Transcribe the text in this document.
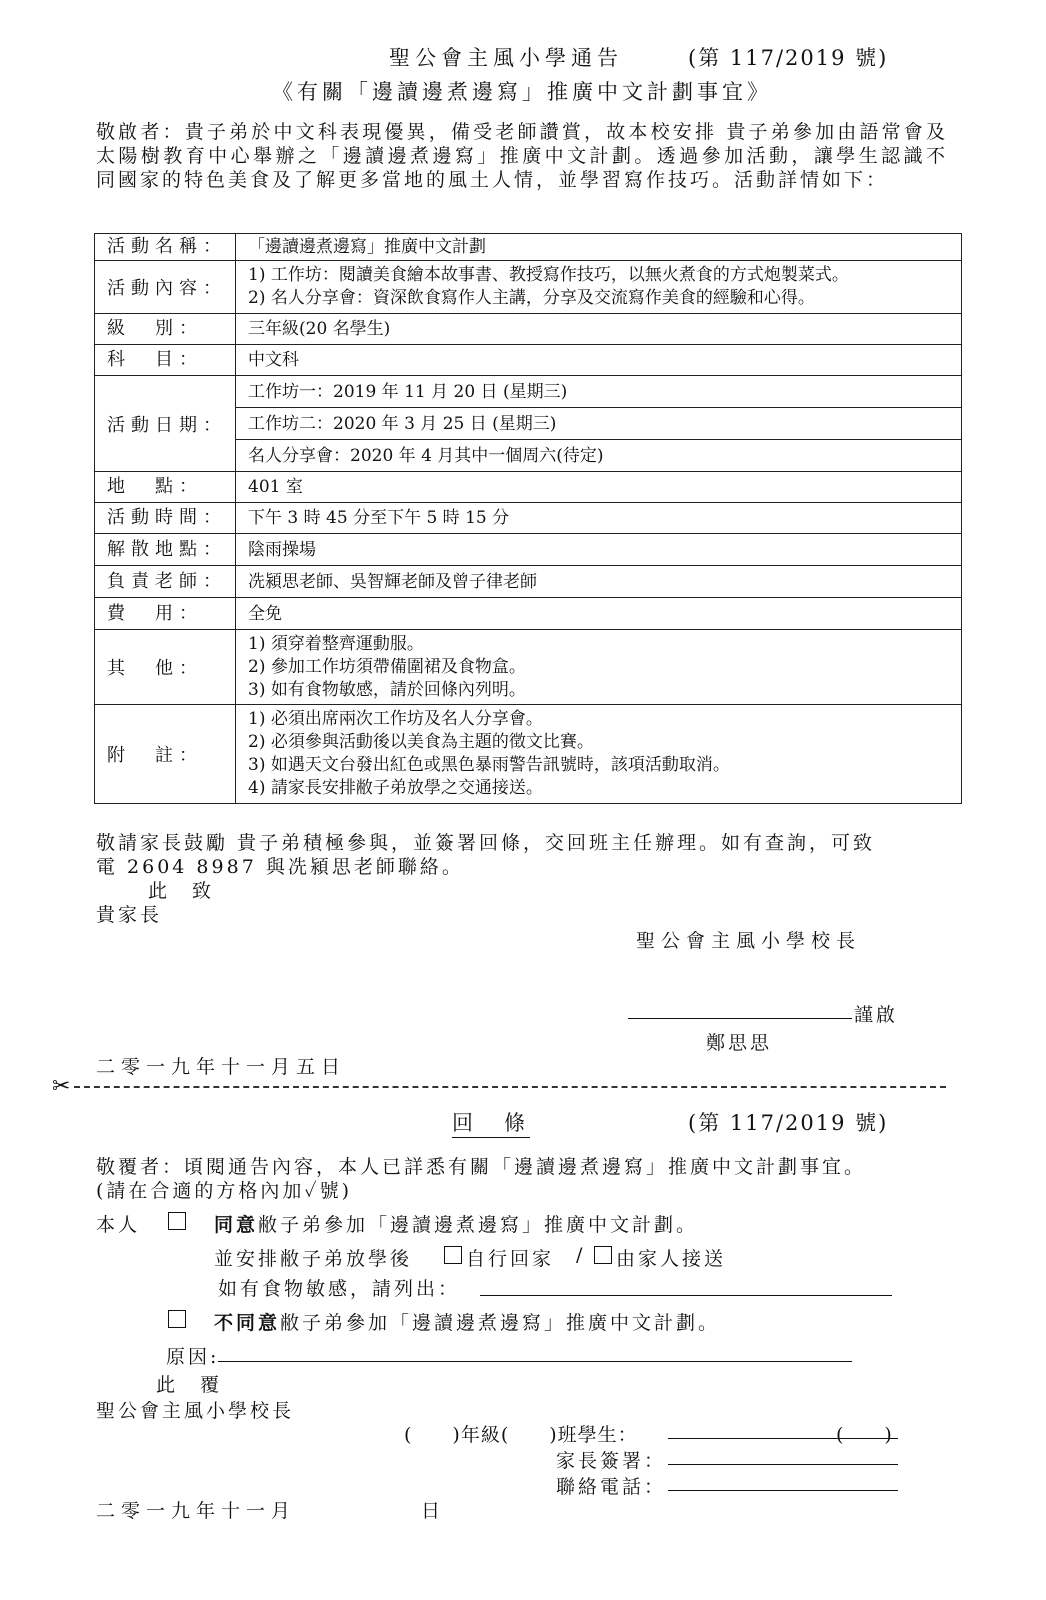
聖公會主風小學通告	(第 117/2019 號)
《有關「邊讀邊煮邊寫」推廣中文計劃事宜》
敬啟者：貴子弟於中文科表現優異，備受老師讚賞，故本校安排 貴子弟參加由語常會及太陽樹教育中心舉辦之「邊讀邊煮邊寫」推廣中文計劃。透過參加活動，讓學生認識不同國家的特色美食及了解更多當地的風土人情，並學習寫作技巧。活動詳情如下：
活動名稱：	「邊讀邊煮邊寫」推廣中文計劃
活動內容：	1) 工作坊：閱讀美食繪本故事書、教授寫作技巧，以無火煮食的方式炮製菜式。
2) 名人分享會：資深飲食寫作人主講，分享及交流寫作美食的經驗和心得。

級　別：	三年級(20 名學生)
科　目：	中文科
活動日期：	工作坊一：2019 年 11 月 20 日 (星期三)
	工作坊二：2020 年 3 月 25 日 (星期三)
	名人分享會：2020 年 4 月其中一個周六(待定)
地　點：	401 室
活動時間：	下午 3 時 45 分至下午 5 時 15 分
解散地點：	陰雨操場
負責老師：	冼潁思老師、吳智輝老師及曾子律老師
費　用：	全免
其　他：	1) 須穿着整齊運動服。
2) 參加工作坊須帶備圍裙及食物盒。
3) 如有食物敏感，請於回條內列明。

附　註：	1) 必須出席兩次工作坊及名人分享會。
2) 必須參與活動後以美食為主題的徵文比賽。
3) 如遇天文台發出紅色或黑色暴雨警告訊號時，該項活動取消。
4) 請家長安排敝子弟放學之交通接送。
敬請家長鼓勵 貴子弟積極參與，並簽署回條，交回班主任辦理。如有查詢，可致
電 2604 8987 與冼潁思老師聯絡。
此　致
貴家長
聖公會主風小學校長
謹啟
鄭思思
二零一九年十一月五日
✂
回　條	(第 117/2019 號)
敬覆者：頃閱通告內容，本人已詳悉有關「邊讀邊煮邊寫」推廣中文計劃事宜。
(請在合適的方格內加✓號)
本人	同意敝子弟參加「邊讀邊煮邊寫」推廣中文計劃。
並安排敝子弟放學後	自行回家 / 由家人接送
如有食物敏感，請列出：
不同意敝子弟參加「邊讀邊煮邊寫」推廣中文計劃。
原因:
此　覆
聖公會主風小學校長
(　　)年級(　　)班學生：	(　　)
家長簽署：
聯絡電話：
二零一九年十一月　　　　　日
